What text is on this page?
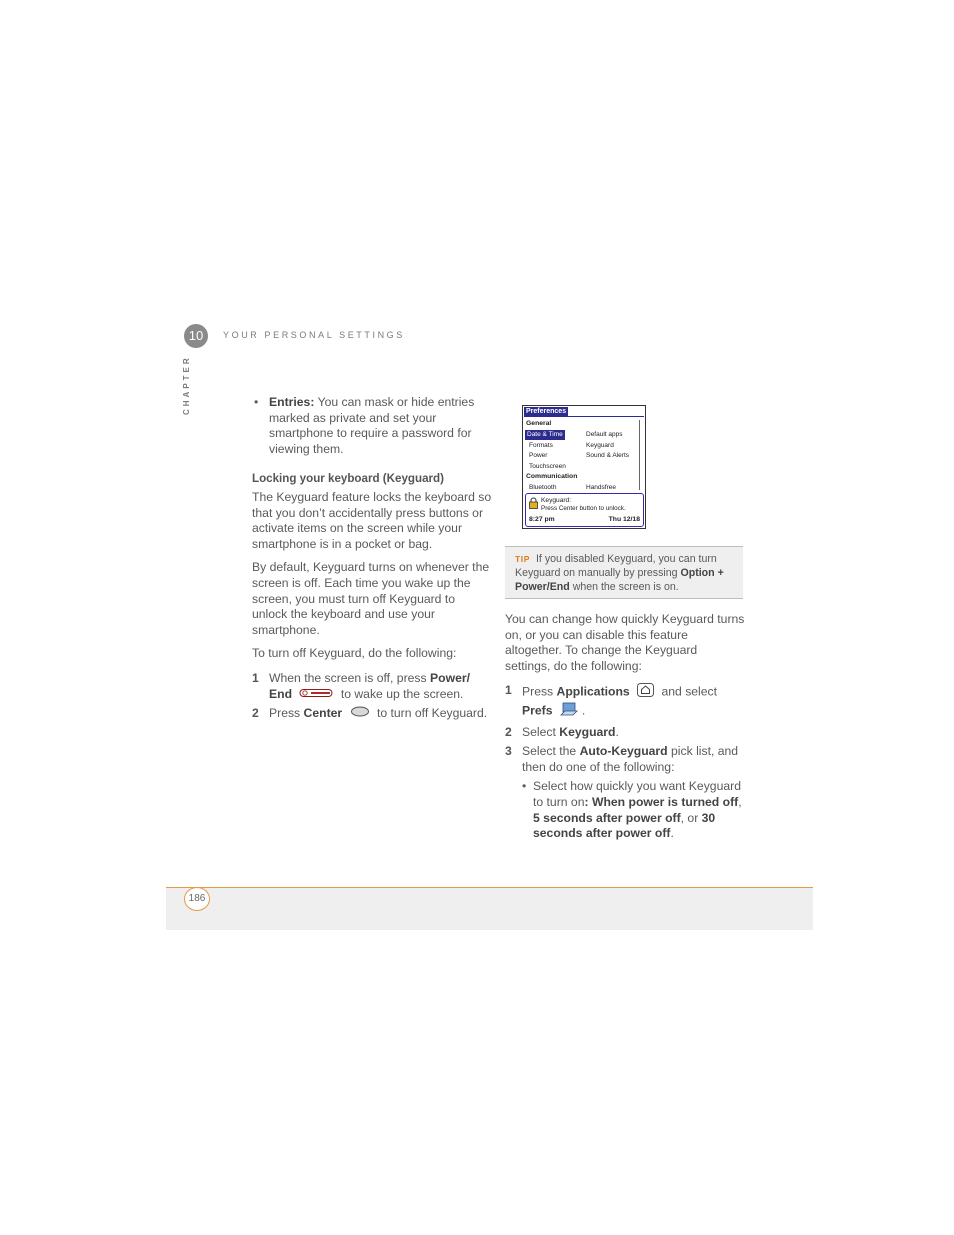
10	YOUR PERSONAL SETTINGS
CHAPTER

•	Entries: You can mask or hide entries marked as private and set your smartphone to require a password for viewing them.

Locking your keyboard (Keyguard)

The Keyguard feature locks the keyboard so that you don’t accidentally press buttons or activate items on the screen while your smartphone is in a pocket or bag.

By default, Keyguard turns on whenever the screen is off. Each time you wake up the screen, you must turn off Keyguard to unlock the keyboard and use your smartphone.

To turn off Keyguard, do the following:

1 When the screen is off, press Power/ End	to wake up the screen.

2 Press Center	to turn off Keyguard.

Preferences
General
Date & Time
Formats
Power
Touchscreen
Default apps
Keyguard
Sound & Alerts
Communication
Bluetooth	Handsfree
Keyguard:
Press Center button to unlock.
8:27 pm	Thu 12/18
TIP If you disabled Keyguard, you can turn Keyguard on manually by pressing Option + Power/End when the screen is on.

You can change how quickly Keyguard turns on, or you can disable this feature altogether. To change the Keyguard settings, do the following:

1 Press Applications	and select Prefs .

2 Select Keyguard.

3 Select the Auto-Keyguard pick list, and then do one of the following:

• Select how quickly you want Keyguard to turn on: When power is turned off, 5 seconds after power off, or 30 seconds after power off.

186
